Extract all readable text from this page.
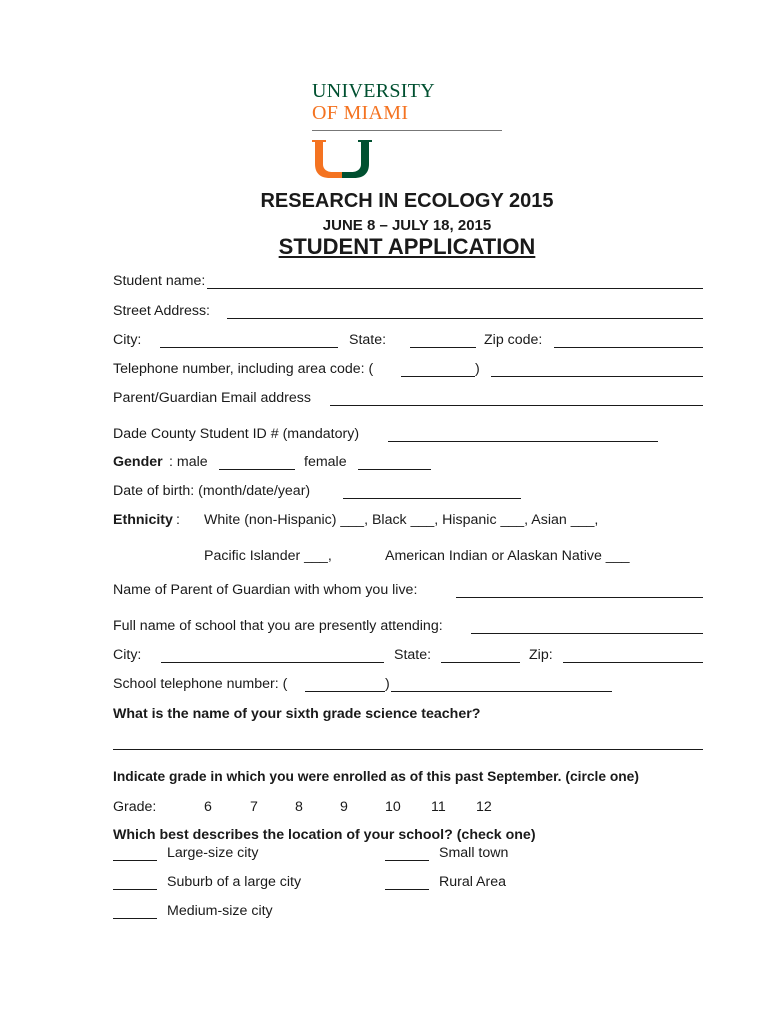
UNIVERSITY
OF MIAMI
RESEARCH IN ECOLOGY 2015
JUNE 8 – JULY 18, 2015
STUDENT APPLICATION
Student name:
Street Address:
City:	State:	Zip code:
Telephone number, including area code: (	)
Parent/Guardian Email address
Dade County Student ID # (mandatory)
Gender : male	female
Date of birth: (month/date/year)
Ethnicity : White (non-Hispanic) ___, Black ___, Hispanic ___, Asian ___,
Pacific Islander ___,	American Indian or Alaskan Native ___
Name of Parent of Guardian with whom you live:
Full name of school that you are presently attending:
City:	State:	Zip:
School telephone number: (	)
What is the name of your sixth grade science teacher?
Indicate grade in which you were enrolled as of this past September. (circle one)
Grade:	6	7	8	9	10 11 12
Which best describes the location of your school? (check one)
Large-size city	Small town
Suburb of a large city	Rural Area
Medium-size city
